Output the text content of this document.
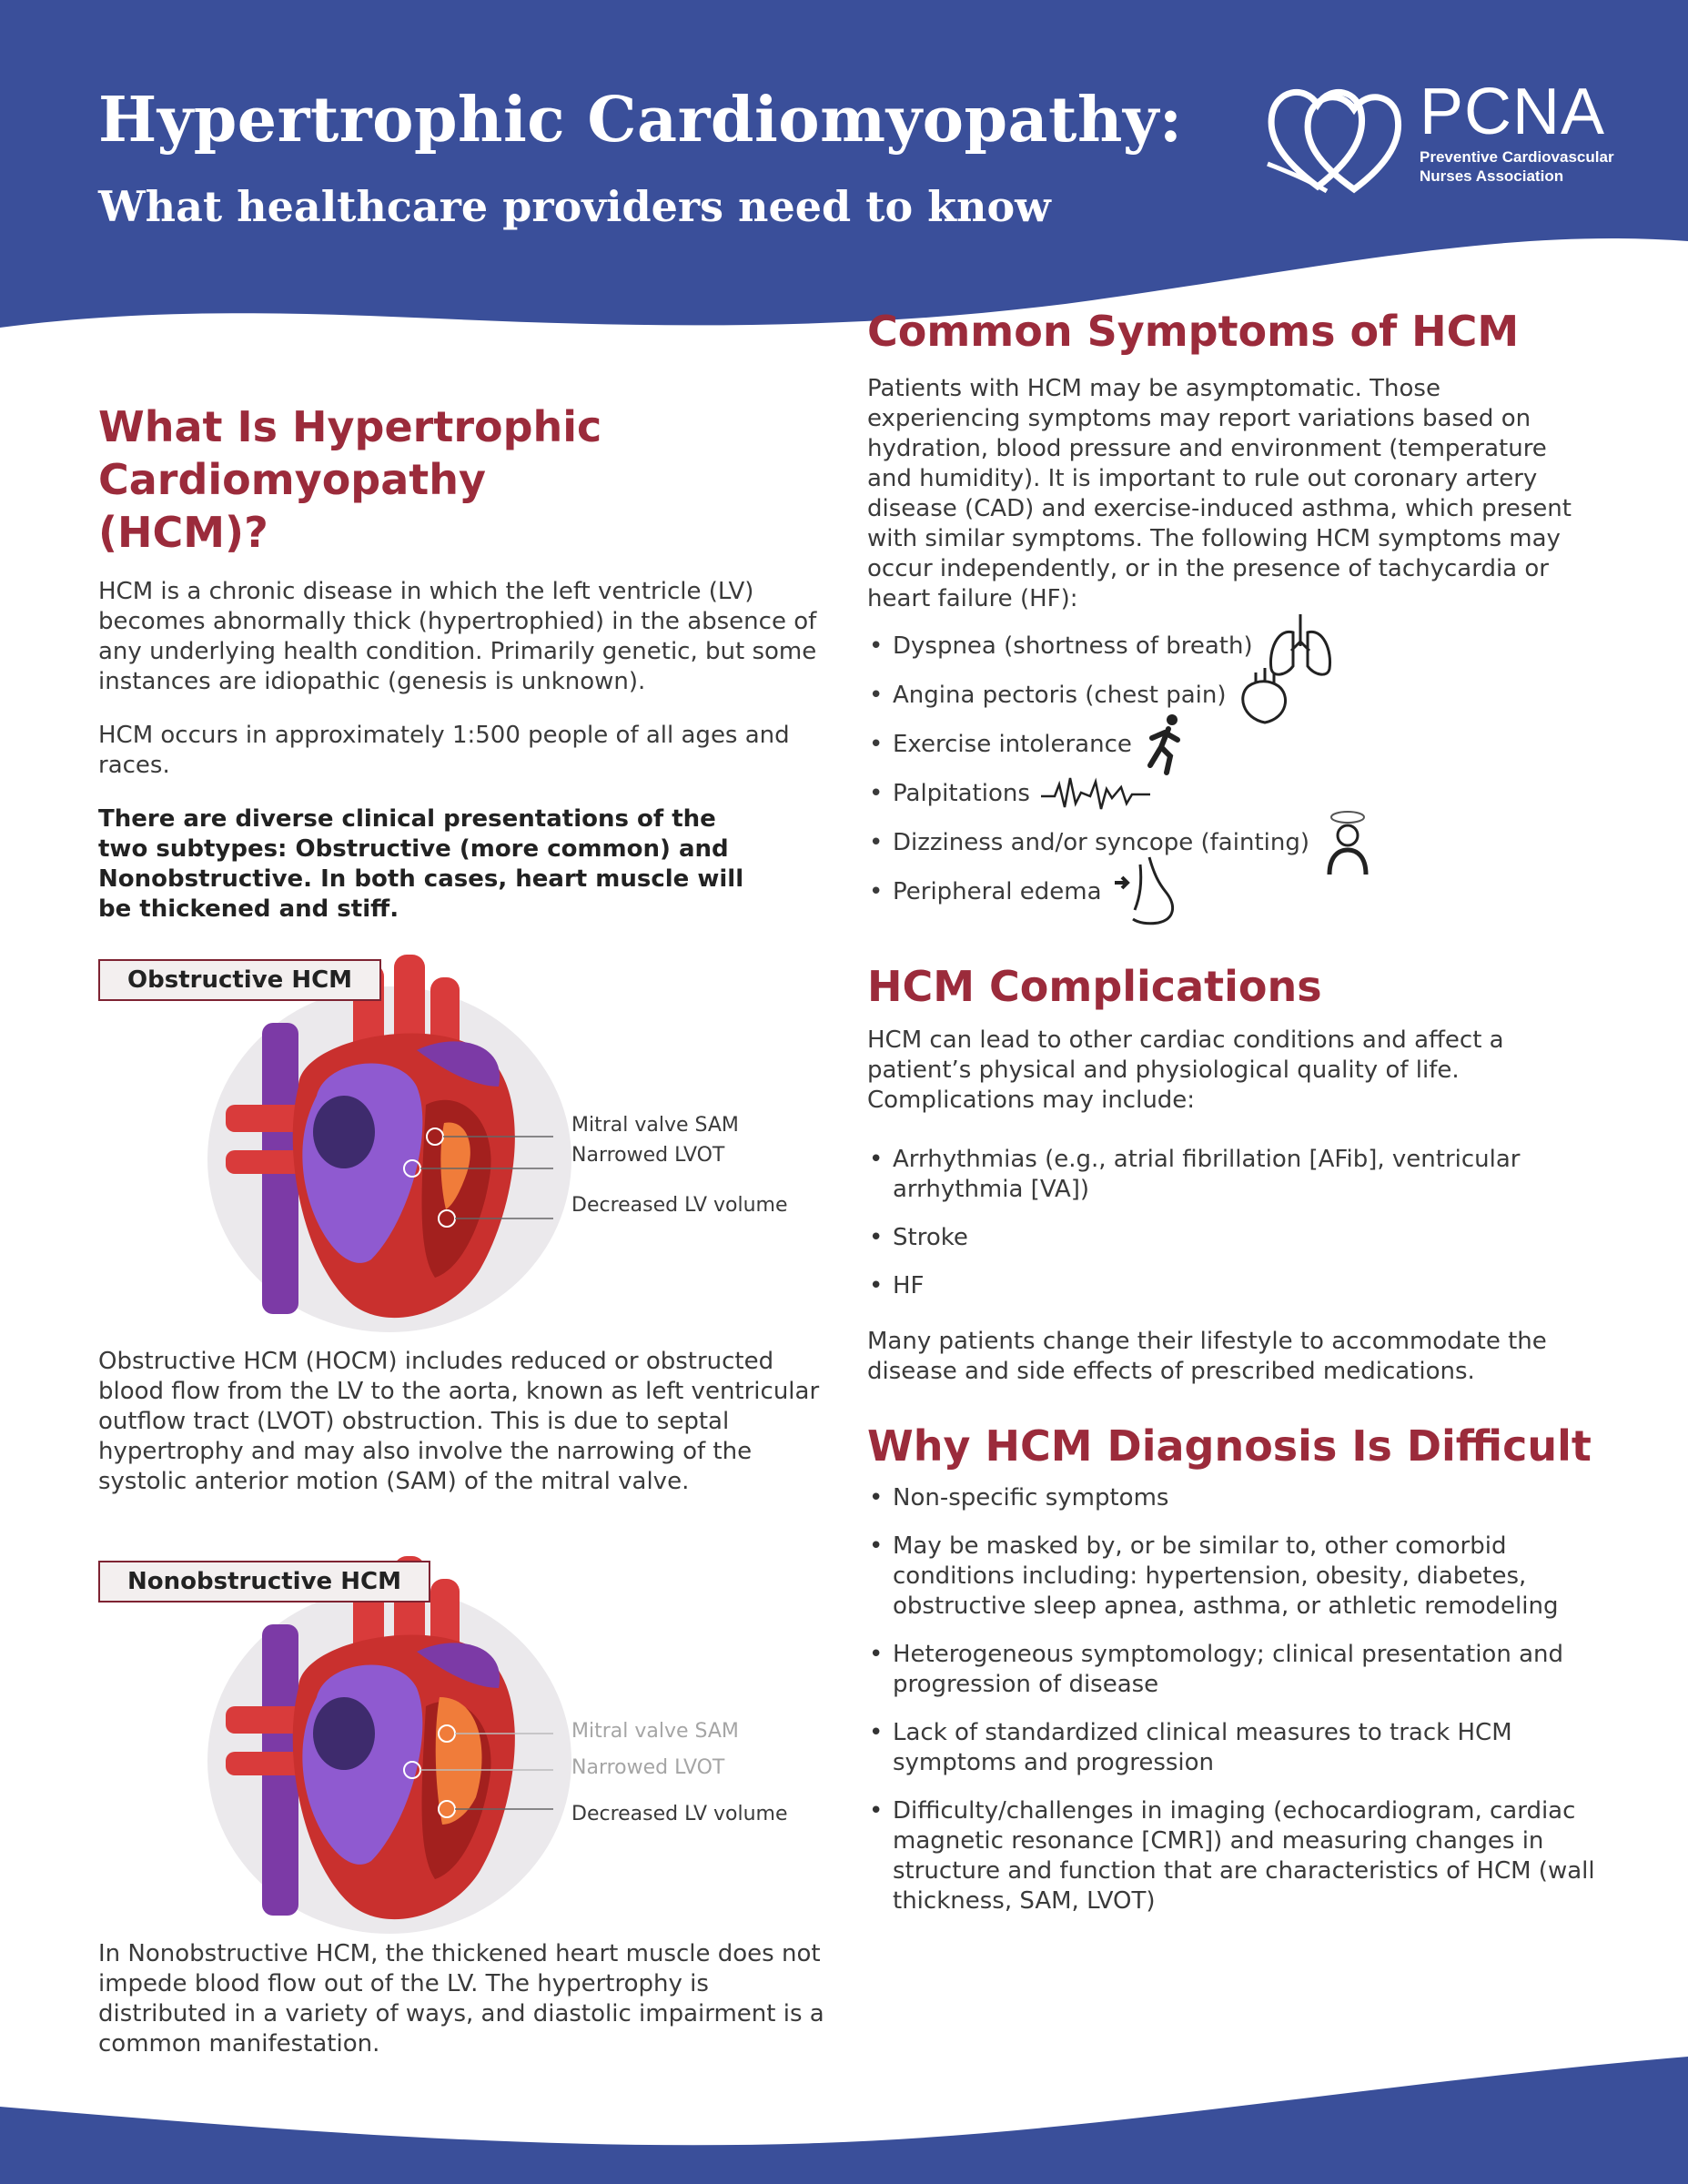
Hypertrophic Cardiomyopathy:
What healthcare providers need to know
PCNA
Preventive Cardiovascular Nurses Association
What Is Hypertrophic Cardiomyopathy (HCM)?

HCM is a chronic disease in which the left ventricle (LV) becomes abnormally thick (hypertrophied) in the absence of any underlying health condition. Primarily genetic, but some instances are idiopathic (genesis is unknown).

HCM occurs in approximately 1:500 people of all ages and races.

There are diverse clinical presentations of the two subtypes: Obstructive (more common) and Nonobstructive. In both cases, heart muscle will be thickened and stiff.

Obstructive HCM
Mitral valve SAM
Narrowed LVOT
Decreased LV volume

Obstructive HCM (HOCM) includes reduced or obstructed blood flow from the LV to the aorta, known as left ventricular outflow tract (LVOT) obstruction. This is due to septal hypertrophy and may also involve the narrowing of the systolic anterior motion (SAM) of the mitral valve.

Nonobstructive HCM
Mitral valve SAM
Narrowed LVOT
Decreased LV volume

In Nonobstructive HCM, the thickened heart muscle does not impede blood flow out of the LV. The hypertrophy is distributed in a variety of ways, and diastolic impairment is a common manifestation.

Common Symptoms of HCM

Patients with HCM may be asymptomatic. Those experiencing symptoms may report variations based on hydration, blood pressure and environment (temperature and humidity). It is important to rule out coronary artery disease (CAD) and exercise-induced asthma, which present with similar symptoms. The following HCM symptoms may occur independently, or in the presence of tachycardia or heart failure (HF):

• Dyspnea (shortness of breath)
• Angina pectoris (chest pain)
• Exercise intolerance
• Palpitations
• Dizziness and/or syncope (fainting)
• Peripheral edema
HCM Complications

HCM can lead to other cardiac conditions and affect a patient’s physical and physiological quality of life. Complications may include:

• Arrhythmias (e.g., atrial fibrillation [AFib], ventricular arrhythmia [VA])
• Stroke
• HF

Many patients change their lifestyle to accommodate the disease and side effects of prescribed medications.

Why HCM Diagnosis Is Difficult
• Non-specific symptoms
• May be masked by, or be similar to, other comorbid conditions including: hypertension, obesity, diabetes, obstructive sleep apnea, asthma, or athletic remodeling
• Heterogeneous symptomology; clinical presentation and progression of disease
• Lack of standardized clinical measures to track HCM symptoms and progression
• Difficulty/challenges in imaging (echocardiogram, cardiac magnetic resonance [CMR]) and measuring changes in structure and function that are characteristics of HCM (wall thickness, SAM, LVOT)
